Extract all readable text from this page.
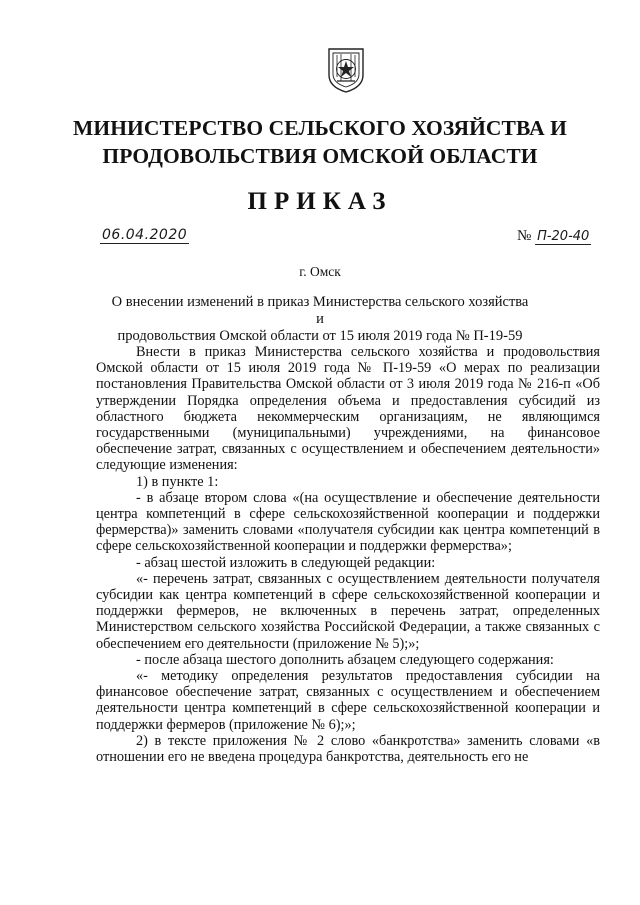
МИНИСТЕРСТВО СЕЛЬСКОГО ХОЗЯЙСТВА И
ПРОДОВОЛЬСТВИЯ ОМСКОЙ ОБЛАСТИ
ПРИКАЗ
06.04.2020	№ П-20-40
г. Омск
О внесении изменений в приказ Министерства сельского хозяйства и
продовольствия Омской области от 15 июля 2019 года № П-19-59

Внести в приказ Министерства сельского хозяйства и продовольствия Омской области от 15 июля 2019 года № П-19-59 «О мерах по реализации постановления Правительства Омской области от 3 июля 2019 года № 216-п «Об утверждении Порядка определения объема и предоставления субсидий из областного бюджета некоммерческим организациям, не являющимся государственными (муниципальными) учреждениями, на финансовое обеспечение затрат, связанных с осуществлением и обеспечением деятельности» следующие изменения:

1) в пункте 1:

- в абзаце втором слова «(на осуществление и обеспечение деятельности центра компетенций в сфере сельскохозяйственной кооперации и поддержки фермерства)» заменить словами «получателя субсидии как центра компетенций в сфере сельскохозяйственной кооперации и поддержки фермерства»;

- абзац шестой изложить в следующей редакции:

«- перечень затрат, связанных с осуществлением деятельности получателя субсидии как центра компетенций в сфере сельскохозяйственной кооперации и поддержки фермеров, не включенных в перечень затрат, определенных Министерством сельского хозяйства Российской Федерации, а также связанных с обеспечением его деятельности (приложение № 5);»;

- после абзаца шестого дополнить абзацем следующего содержания:

«- методику определения результатов предоставления субсидии на финансовое обеспечение затрат, связанных с осуществлением и обеспечением деятельности центра компетенций в сфере сельскохозяйственной кооперации и поддержки фермеров (приложение № 6);»;

2) в тексте приложения № 2 слово «банкротства» заменить словами «в отношении его не введена процедура банкротства, деятельность его не
